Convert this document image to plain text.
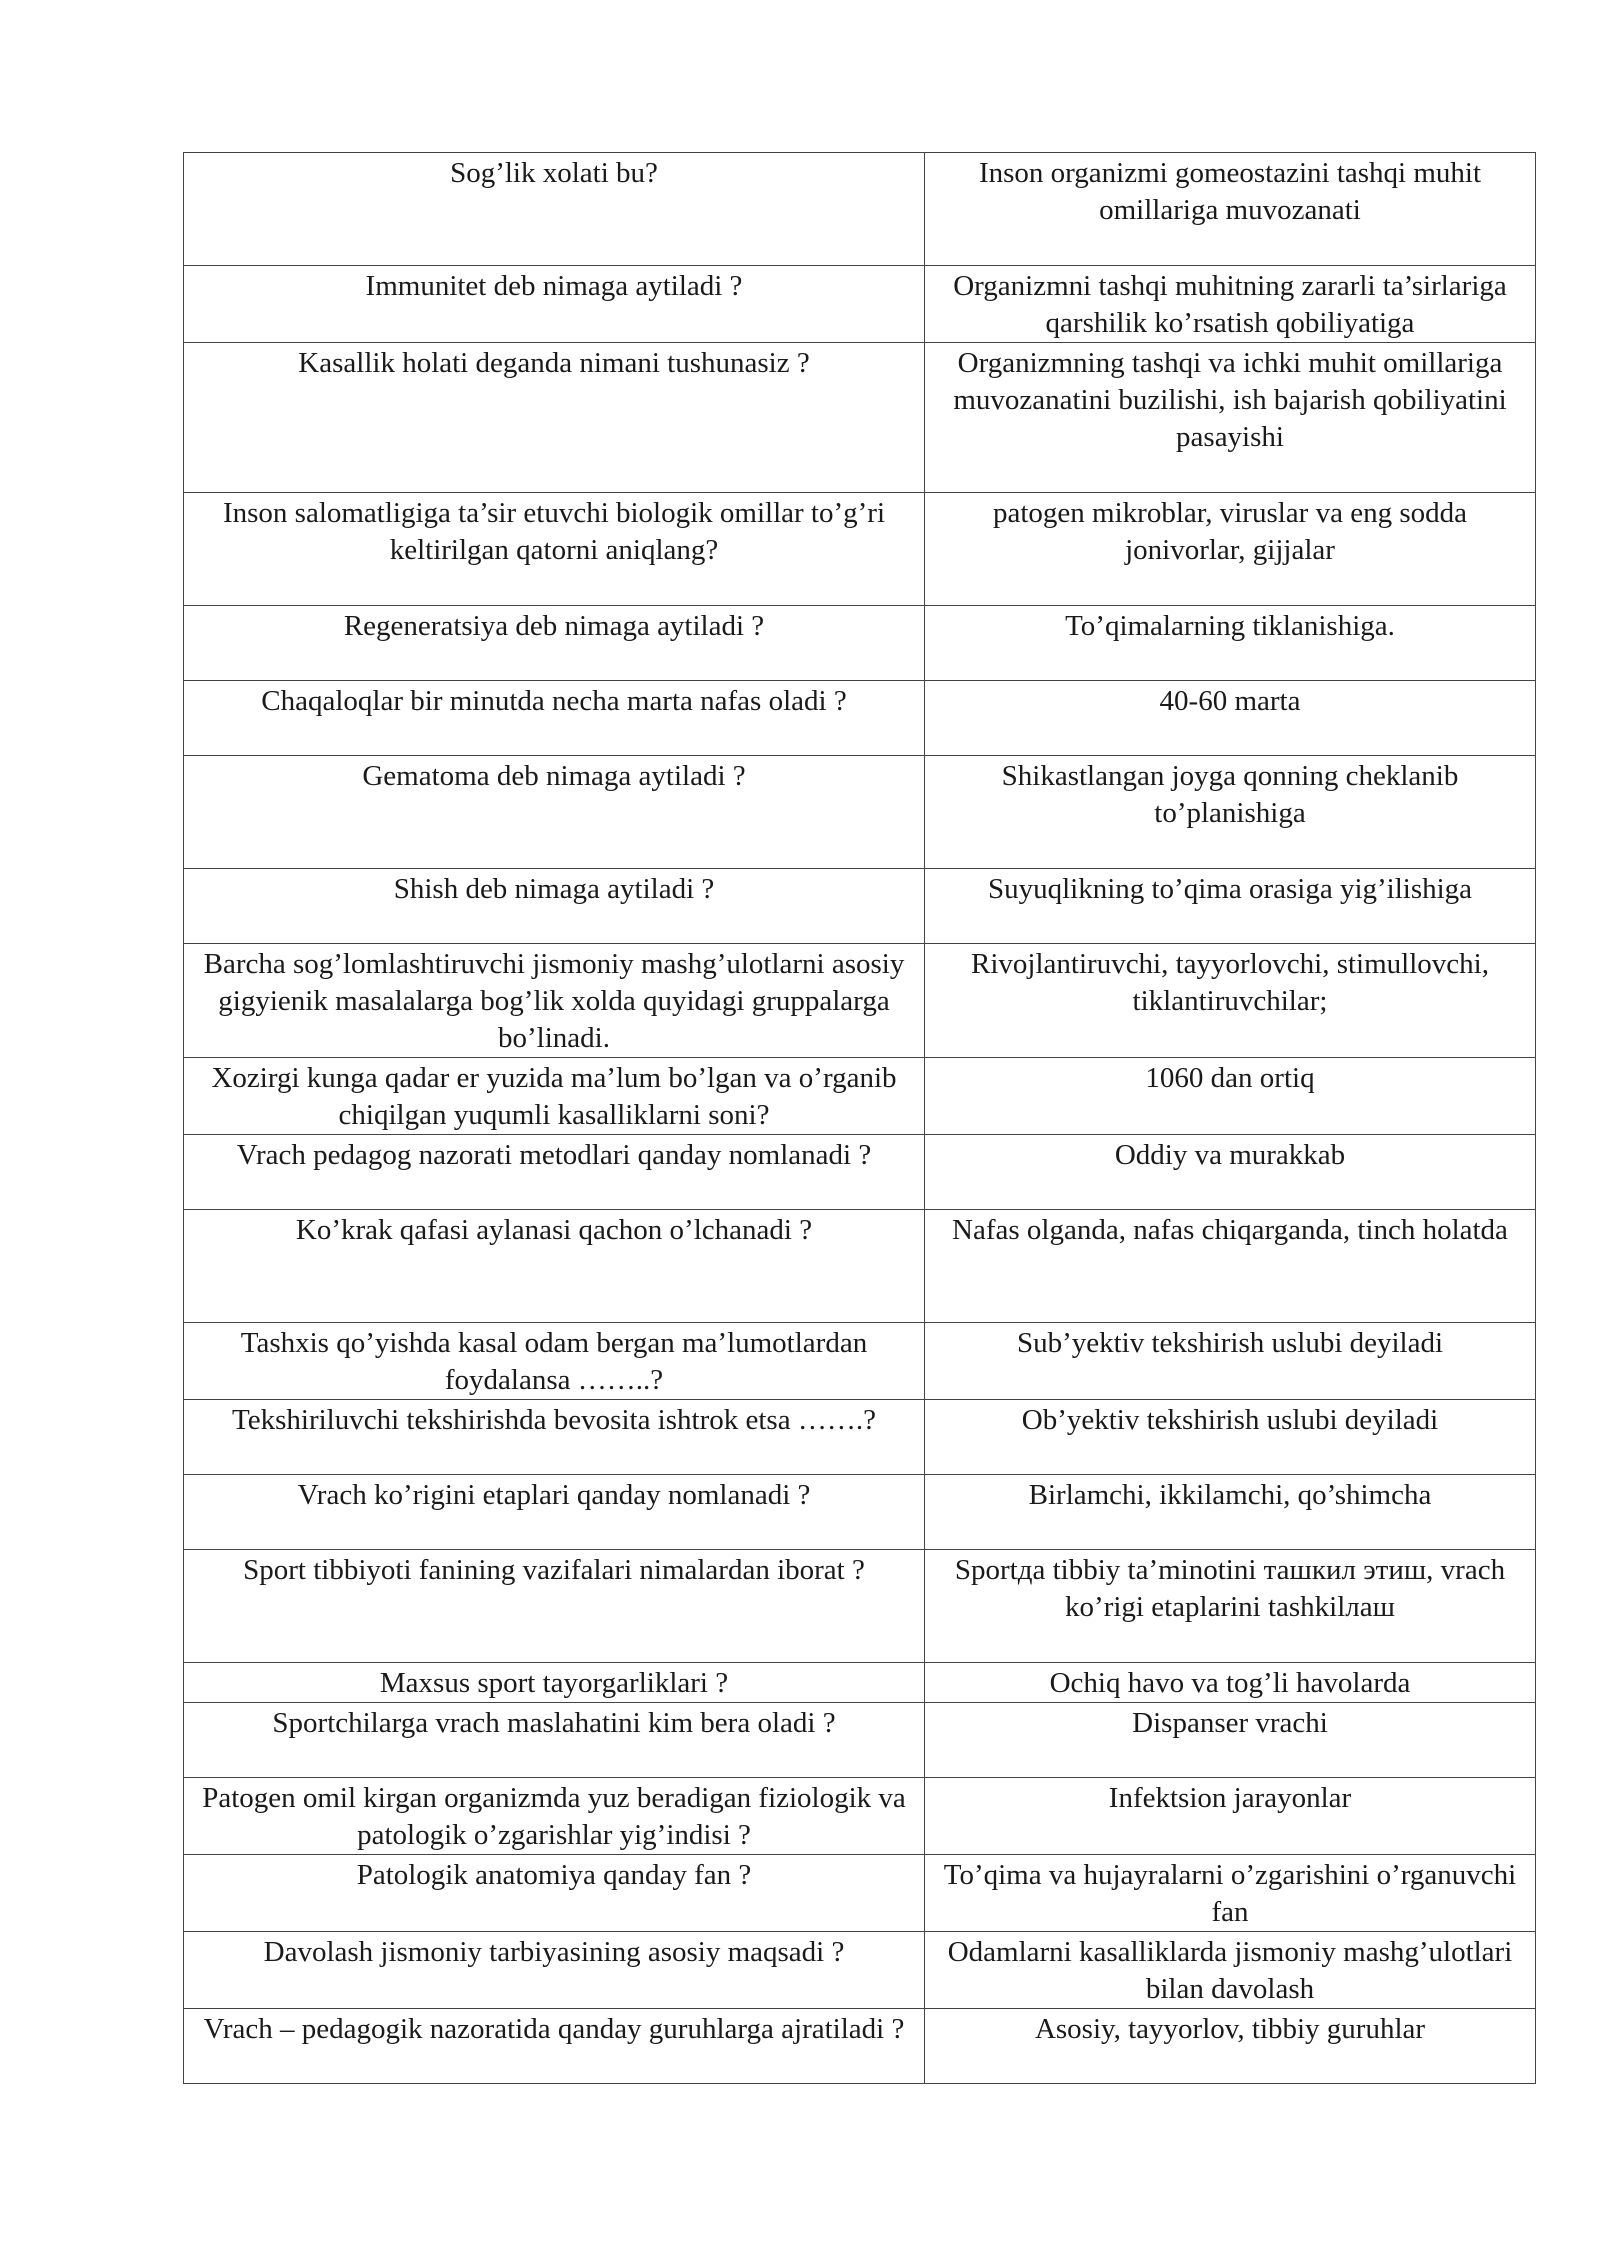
Sog’lik xolati bu?	Inson organizmi gomeostazini tashqi muhit omillariga muvozanati
Immunitet deb nimaga aytiladi ?	Organizmni tashqi muhitning zararli ta’sirlariga qarshilik ko’rsatish qobiliyatiga
Kasallik holati deganda nimani tushunasiz ?	Organizmning tashqi va ichki muhit omillariga muvozanatini buzilishi, ish bajarish qobiliyatini pasayishi
Inson salomatligiga ta’sir etuvchi biologik omillar to’g’ri keltirilgan qatorni aniqlang?	patogen mikroblar, viruslar va eng sodda jonivorlar, gijjalar
Regeneratsiya deb nimaga aytiladi ?	To’qimalarning tiklanishiga.
Chaqaloqlar bir minutda necha marta nafas oladi ?	40-60 marta
Gematoma deb nimaga aytiladi ?	Shikastlangan joyga qonning cheklanib to’planishiga
Shish deb nimaga aytiladi ?	Suyuqlikning to’qima orasiga yig’ilishiga
Barcha sog’lomlashtiruvchi jismoniy mashg’ulotlarni asosiy gigyienik masalalarga bog’lik xolda quyidagi gruppalarga bo’linadi.	Rivojlantiruvchi, tayyorlovchi, stimullovchi, tiklantiruvchilar;
Xozirgi kunga qadar er yuzida ma’lum bo’lgan va o’rganib chiqilgan yuqumli kasalliklarni soni?	1060 dan ortiq
Vrach pedagog nazorati metodlari qanday nomlanadi ?	Oddiy va murakkab
Ko’krak qafasi aylanasi qachon o’lchanadi ?	Nafas olganda, nafas chiqarganda, tinch holatda
Tashxis qo’yishda kasal odam bergan ma’lumotlardan foydalansa ……..?	Sub’yektiv tekshirish uslubi deyiladi
Tekshiriluvchi tekshirishda bevosita ishtrok etsa …….?	Ob’yektiv tekshirish uslubi deyiladi
Vrach ko’rigini etaplari qanday nomlanadi ?	Birlamchi, ikkilamchi, qo’shimcha
Sport tibbiyoti fanining vazifalari nimalardan iborat ?	Sportда tibbiy ta’minotini ташкил этиш, vrach ko’rigi etaplarini tashkilлаш
Maxsus sport tayorgarliklari ?	Ochiq havo va tog’li havolarda
Sportchilarga vrach maslahatini kim bera oladi ?	Dispanser vrachi
Patogen omil kirgan organizmda yuz beradigan fiziologik va patologik o’zgarishlar yig’indisi ?	Infektsion jarayonlar
Patologik anatomiya qanday fan ?	To’qima va hujayralarni o’zgarishini o’rganuvchi fan
Davolash jismoniy tarbiyasining asosiy maqsadi ?	Odamlarni kasalliklarda jismoniy mashg’ulotlari bilan davolash
Vrach – pedagogik nazoratida qanday guruhlarga ajratiladi ?	Asosiy, tayyorlov, tibbiy guruhlar
